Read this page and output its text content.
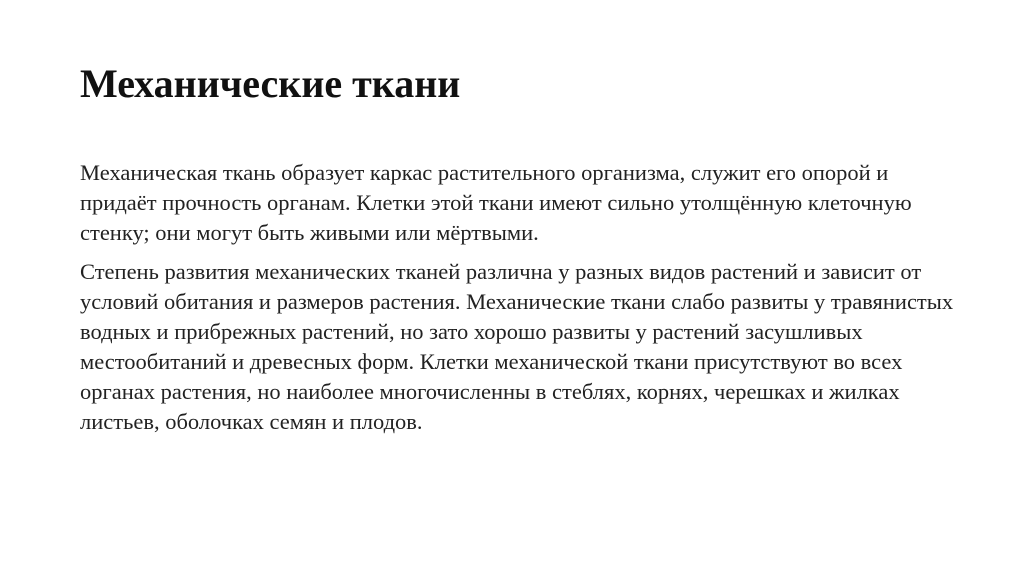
Механические ткани

Механическая ткань образует каркас растительного организма, служит его опорой и придаёт прочность органам. Клетки этой ткани имеют сильно утолщённую клеточную стенку; они могут быть живыми или мёртвыми.

Степень развития механических тканей различна у разных видов растений и зависит от условий обитания и размеров растения. Механические ткани слабо развиты у травянистых водных и прибрежных растений, но зато хорошо развиты у растений засушливых местообитаний и древесных форм. Клетки механической ткани присутствуют во всех органах растения, но наиболее многочисленны в стеблях, корнях, черешках и жилках листьев, оболочках семян и плодов.
